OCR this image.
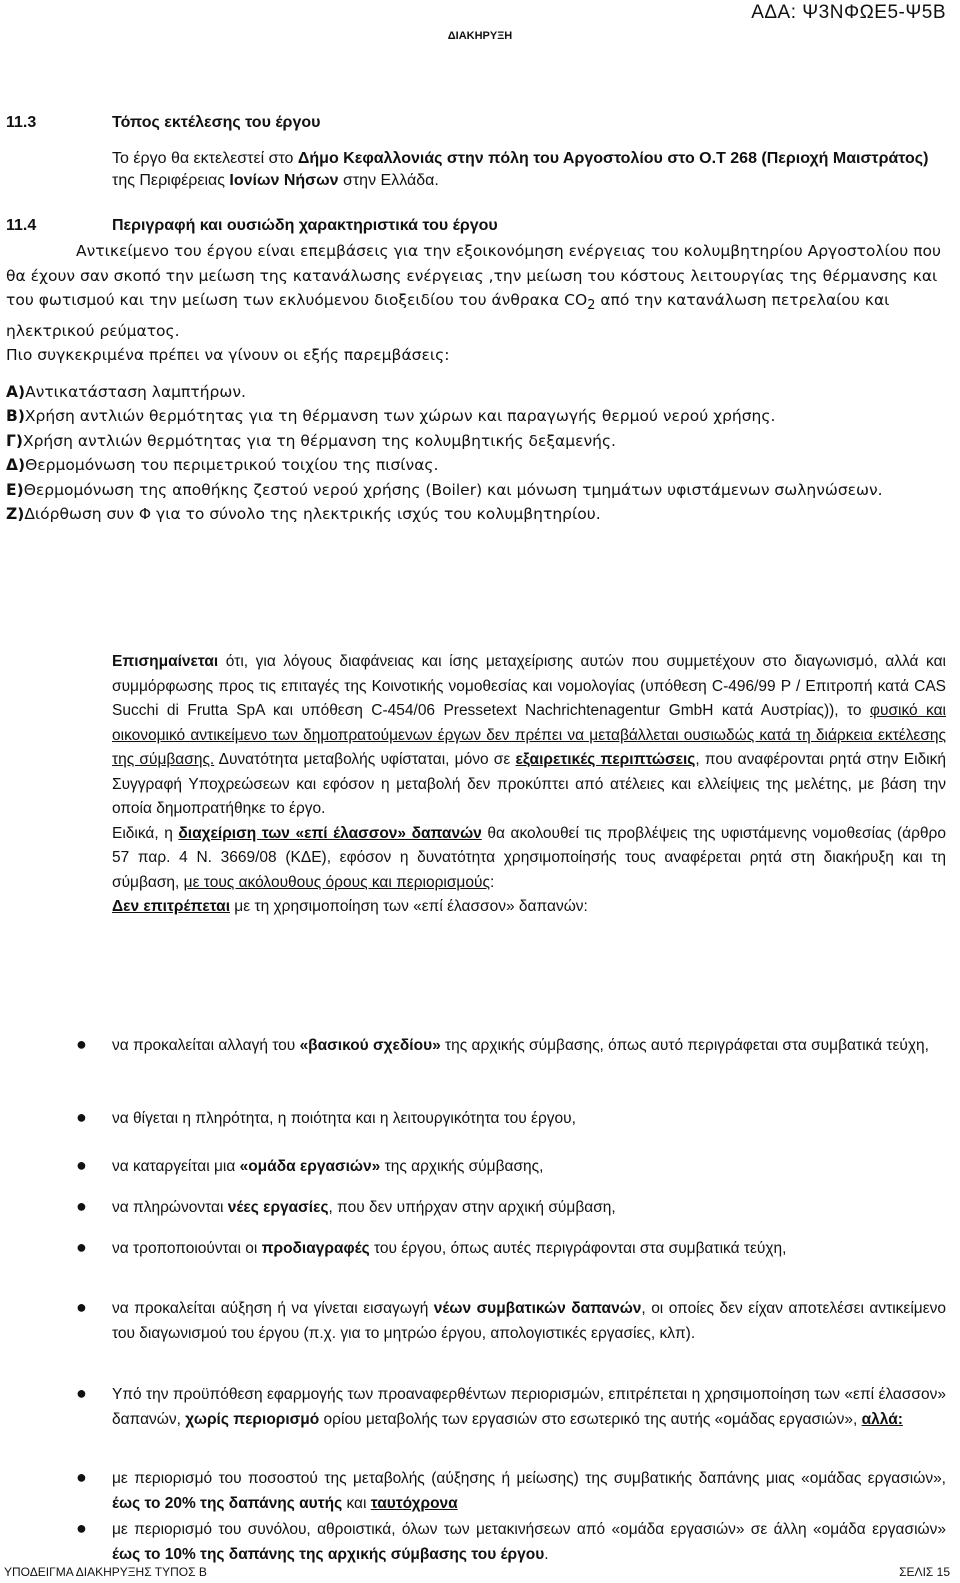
ΑΔΑ: Ψ3ΝΦΩΕ5-Ψ5Β
ΔΙΑΚΗΡΥΞΗ
11.3	Τόπος εκτέλεσης του έργου
Το έργο θα εκτελεστεί στο Δήμο Κεφαλλονιάς στην πόλη του Αργοστολίου στο Ο.Τ 268 (Περιοχή Μαιστράτος) της Περιφέρειας Ιονίων Νήσων στην Ελλάδα.
11.4	Περιγραφή και ουσιώδη χαρακτηριστικά του έργου

Αντικείμενο του έργου είναι επεμβάσεις για την εξοικονόμηση ενέργειας του κολυμβητηρίου Αργοστολίου που θα έχουν σαν σκοπό την μείωση της κατανάλωσης ενέργειας ,την μείωση του κόστους λειτουργίας της θέρμανσης και του φωτισμού και την μείωση των εκλυόμενου διοξειδίου του άνθρακα $CO_2$ από την κατανάλωση πετρελαίου και ηλεκτρικού ρεύματος.

Πιο συγκεκριμένα πρέπει να γίνουν οι εξής παρεμβάσεις:

Α)Αντικατάσταση λαμπτήρων.

Β)Χρήση αντλιών θερμότητας για τη θέρμανση των χώρων και παραγωγής θερμού νερού χρήσης.

Γ)Χρήση αντλιών θερμότητας για τη θέρμανση της κολυμβητικής δεξαμενής.

Δ)Θερμομόνωση του περιμετρικού τοιχίου της πισίνας.

Ε)Θερμομόνωση της αποθήκης ζεστού νερού χρήσης (Boiler) και μόνωση τμημάτων υφιστάμενων σωληνώσεων.

Ζ)Διόρθωση συν Φ για το σύνολο της ηλεκτρικής ισχύς του κολυμβητηρίου.

Επισημαίνεται ότι, για λόγους διαφάνειας και ίσης μεταχείρισης αυτών που συμμετέχουν στο διαγωνισμό, αλλά και συμμόρφωσης προς τις επιταγές της Κοινοτικής νομοθεσίας και νομολογίας (υπόθεση C-496/99 P / Επιτροπή κατά CAS Succhi di Frutta SpA και υπόθεση C-454/06 Pressetext Nachrichtenagentur GmbH κατά Αυστρίας)), το φυσικό και οικονομικό αντικείμενο των δημοπρατούμενων έργων δεν πρέπει να μεταβάλλεται ουσιωδώς κατά τη διάρκεια εκτέλεσης της σύμβασης. Δυνατότητα μεταβολής υφίσταται, μόνο σε εξαιρετικές περιπτώσεις, που αναφέρονται ρητά στην Ειδική Συγγραφή Υποχρεώσεων και εφόσον η μεταβολή δεν προκύπτει από ατέλειες και ελλείψεις της μελέτης, με βάση την οποία δημοπρατήθηκε το έργο.

Ειδικά, η διαχείριση των «επί έλασσον» δαπανών θα ακολουθεί τις προβλέψεις της υφιστάμενης νομοθεσίας (άρθρο 57 παρ. 4 Ν. 3669/08 (ΚΔΕ), εφόσον η δυνατότητα χρησιμοποίησής τους αναφέρεται ρητά στη διακήρυξη και τη σύμβαση, με τους ακόλουθους όρους και περιορισμούς:

Δεν επιτρέπεται με τη χρησιμοποίηση των «επί έλασσον» δαπανών:

● να προκαλείται αλλαγή του «βασικού σχεδίου» της αρχικής σύμβασης, όπως αυτό περιγράφεται στα συμβατικά τεύχη,
● να θίγεται η πληρότητα, η ποιότητα και η λειτουργικότητα του έργου,
● να καταργείται μια «ομάδα εργασιών» της αρχικής σύμβασης,
● να πληρώνονται νέες εργασίες, που δεν υπήρχαν στην αρχική σύμβαση,
● να τροποποιούνται οι προδιαγραφές του έργου, όπως αυτές περιγράφονται στα συμβατικά τεύχη,
● να προκαλείται αύξηση ή να γίνεται εισαγωγή νέων συμβατικών δαπανών, οι οποίες δεν είχαν αποτελέσει αντικείμενο του διαγωνισμού του έργου (π.χ. για το μητρώο έργου, απολογιστικές εργασίες, κλπ).
● Υπό την προϋπόθεση εφαρμογής των προαναφερθέντων περιορισμών, επιτρέπεται η χρησιμοποίηση των «επί έλασσον» δαπανών, χωρίς περιορισμό ορίου μεταβολής των εργασιών στο εσωτερικό της αυτής «ομάδας εργασιών», αλλά:
● με περιορισμό του ποσοστού της μεταβολής (αύξησης ή μείωσης) της συμβατικής δαπάνης μιας «ομάδας εργασιών», έως το 20% της δαπάνης αυτής και ταυτόχρονα
● με περιορισμό του συνόλου, αθροιστικά, όλων των μετακινήσεων από «ομάδα εργασιών» σε άλλη «ομάδα εργασιών» έως το 10% της δαπάνης της αρχικής σύμβασης του έργου.
ΥΠΟΔΕΙΓΜΑ ΔΙΑΚΗΡΥΞΗΣ ΤΥΠΟΣ Β	ΣΕΛΙΣ 15
